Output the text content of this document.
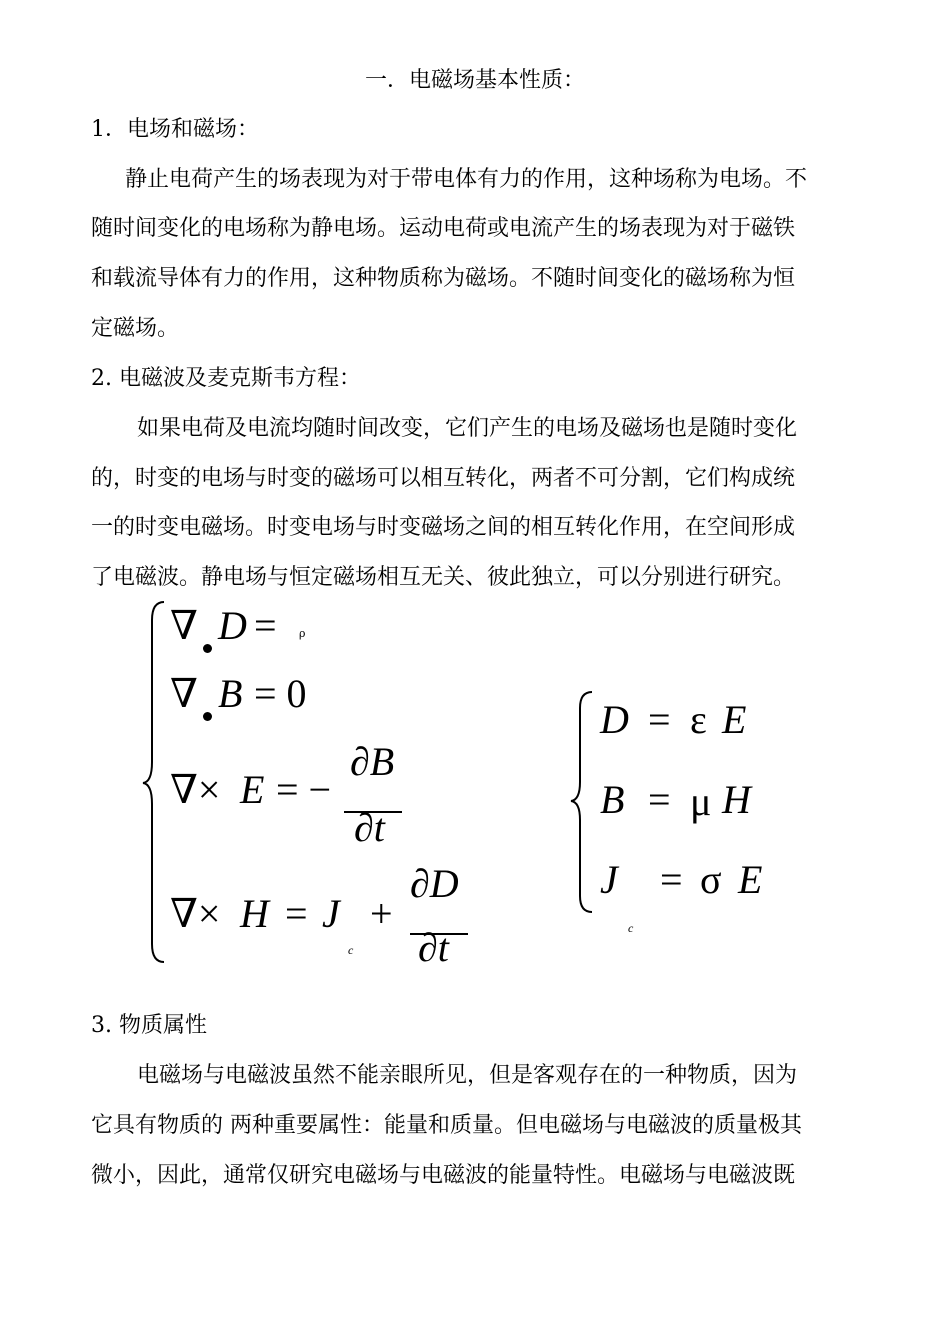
一．电磁场基本性质：
1．电场和磁场：
静止电荷产生的场表现为对于带电体有力的作用，这种场称为电场。不
随时间变化的电场称为静电场。运动电荷或电流产生的场表现为对于磁铁
和载流导体有力的作用，这种物质称为磁场。不随时间变化的磁场称为恒
定磁场。
2. 电磁波及麦克斯韦方程：
如果电荷及电流均随时间改变，它们产生的电场及磁场也是随时变化
的，时变的电场与时变的磁场可以相互转化，两者不可分割，它们构成统
一的时变电磁场。时变电场与时变磁场之间的相互转化作用，在空间形成
了电磁波。静电场与恒定磁场相互无关、彼此独立，可以分别进行研究。
∇ D = ρ
∇ B = 0
∇× E = −
∂B
∂t
∇× H = J
c
+
∂D
∂t
D = ε E
B = μ H
J
c
= σ E
3. 物质属性
电磁场与电磁波虽然不能亲眼所见，但是客观存在的一种物质，因为
它具有物质的 两种重要属性：能量和质量。但电磁场与电磁波的质量极其
微小，因此，通常仅研究电磁场与电磁波的能量特性。电磁场与电磁波既
